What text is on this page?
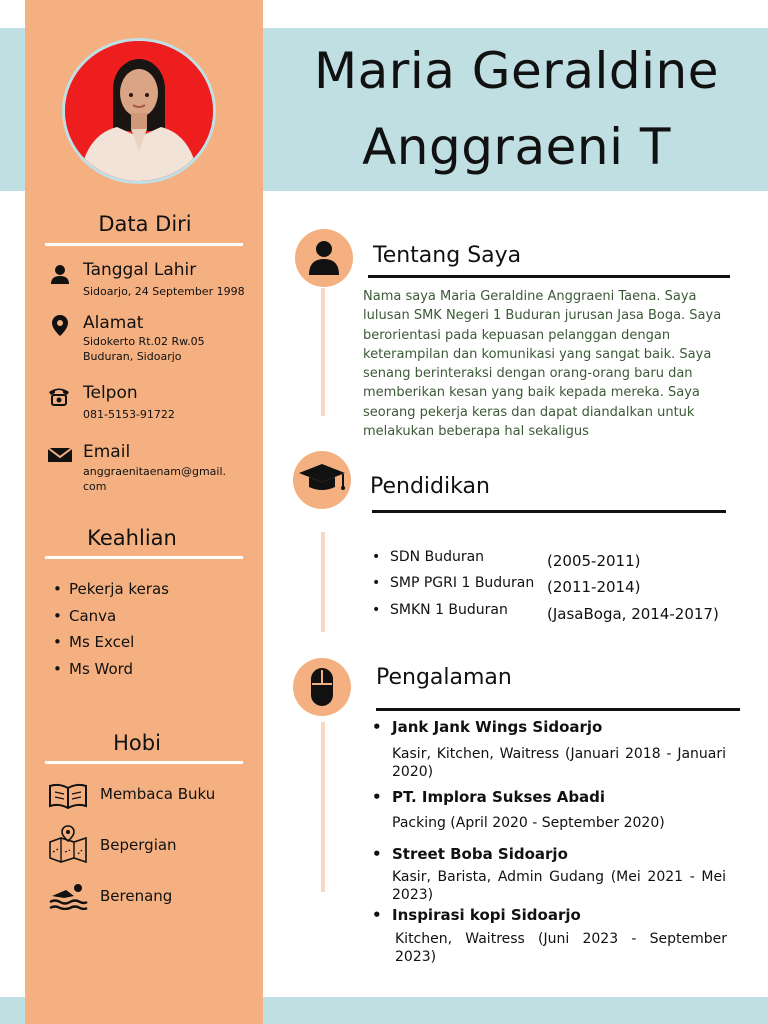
Maria Geraldine
Anggraeni T
Data Diri
Tanggal Lahir
Sidoarjo, 24 September 1998
Alamat
Sidokerto Rt.02 Rw.05
Buduran, Sidoarjo
Telpon
081-5153-91722
Email
anggraenitaenam@gmail.
com
Keahlian
• Pekerja keras
• Canva
• Ms Excel
• Ms Word
Hobi
Membaca Buku
Bepergian
Berenang
Tentang Saya
Nama saya Maria Geraldine Anggraeni Taena. Saya lulusan SMK Negeri 1 Buduran jurusan Jasa Boga. Saya berorientasi pada kepuasan pelanggan dengan keterampilan dan komunikasi yang sangat baik. Saya senang berinteraksi dengan orang-orang baru dan memberikan kesan yang baik kepada mereka. Saya seorang pekerja keras dan dapat diandalkan untuk melakukan beberapa hal sekaligus
Pendidikan
• SDN Buduran	(2005-2011)
• SMP PGRI 1 Buduran (2011-2014)
• SMKN 1 Buduran	(JasaBoga, 2014-2017)
Pengalaman
• Jank Jank Wings Sidoarjo
Kasir, Kitchen, Waitress (Januari 2018 - Januari 2020)
• PT. Implora Sukses Abadi
Packing (April 2020 - September 2020)
• Street Boba Sidoarjo
Kasir, Barista, Admin Gudang (Mei 2021 - Mei 2023)
• Inspirasi kopi Sidoarjo
Kitchen, Waitress (Juni 2023 - September 2023)
